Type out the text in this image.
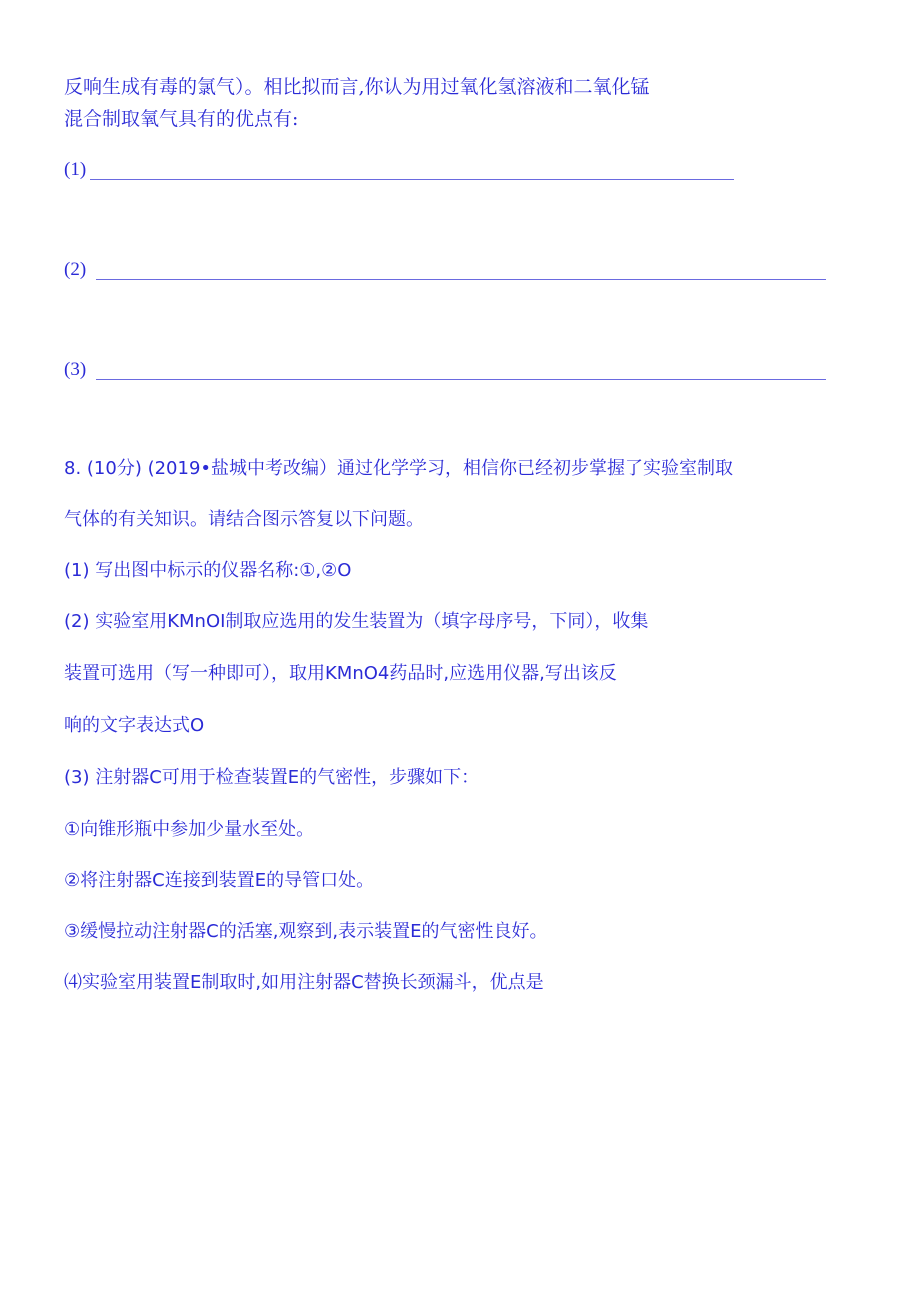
反响生成有毒的氯气）。相比拟而言,你认为用过氧化氢溶液和二氧化锰
混合制取氧气具有的优点有:
(1)
(2)
(3)
8. (10分) (2019•盐城中考改编）通过化学学习，相信你已经初步掌握了实验室制取
气体的有关知识。请结合图示答复以下问题。
(1) 写出图中标示的仪器名称:①,②O
(2) 实验室用KMnOI制取应选用的发生装置为（填字母序号，下同），收集
装置可选用（写一种即可），取用KMnO4药品时,应选用仪器,写出该反
响的文字表达式O
(3) 注射器C可用于检查装置E的气密性，步骤如下：
①向锥形瓶中参加少量水至处。
②将注射器C连接到装置E的导管口处。
③缓慢拉动注射器C的活塞,观察到,表示装置E的气密性良好。
⑷实验室用装置E制取时,如用注射器C替换长颈漏斗，优点是
